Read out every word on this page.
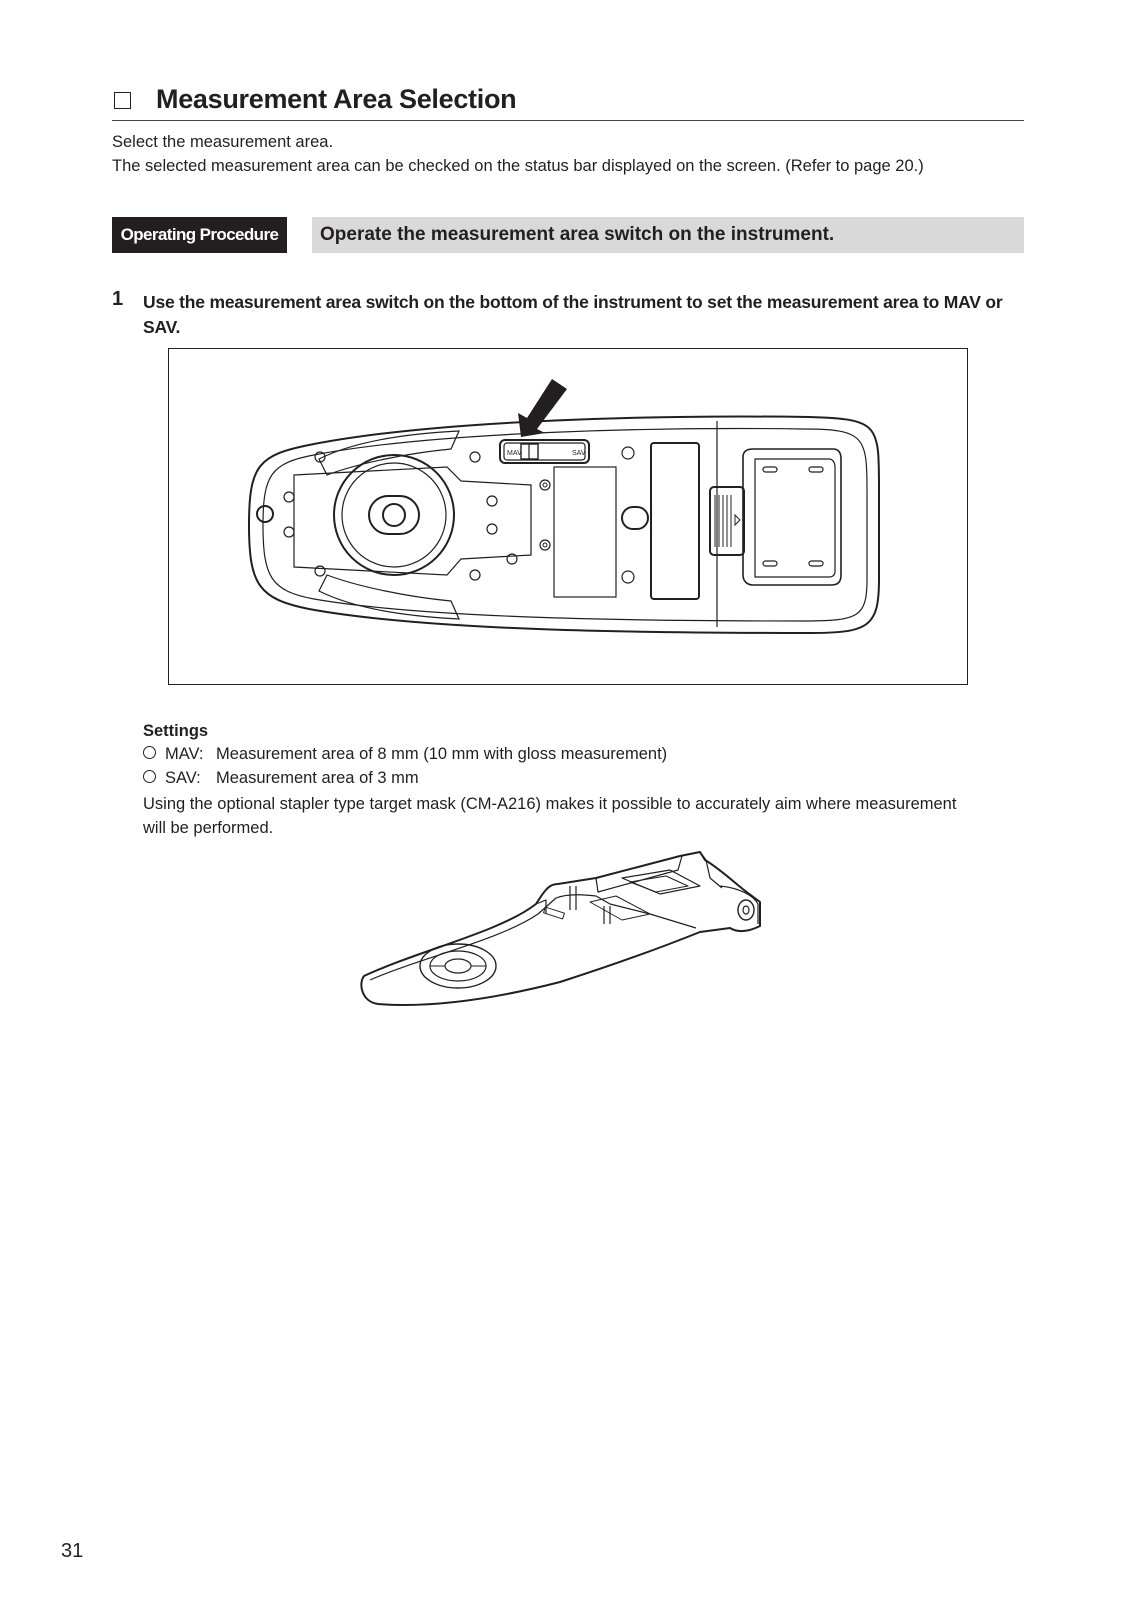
Measurement Area Selection
Select the measurement area.
The selected measurement area can be checked on the status bar displayed on the screen. (Refer to page 20.)
Operating Procedure	Operate the measurement area switch on the instrument.
1 Use the measurement area switch on the bottom of the instrument to set the measurement area to MAV or SAV.
MAV	SAV
Settings
MAV: Measurement area of 8 mm (10 mm with gloss measurement)
SAV: Measurement area of 3 mm
Using the optional stapler type target mask (CM-A216) makes it possible to accurately aim where measurement will be performed.
31
